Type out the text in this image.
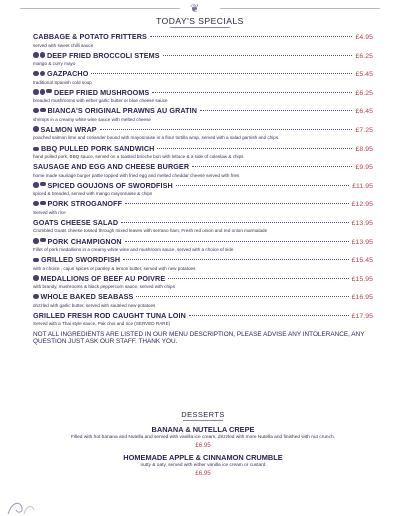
❦
TODAY'S SPECIALS
CABBAGE & POTATO FRITTERS	£4.95
served with sweet chilli sauce
DEEP FRIED BROCCOLI STEMS	£6.25
mango & curry mayo
GAZPACHO	£5.45
traditional Spanish cold soup
DEEP FRIED MUSHROOMS	£6.25
breaded mushrooms with either garlic butter or blue cheese sauce
BIANCA'S ORIGINAL PRAWNS AU GRATIN	£6.45
shrimps in a creamy white wine sauce with melted cheese
SALMON WRAP	£7.25
poached salmon lime and coriander bound with mayonnaise in a flour tortilla wrap, served with a salad garnish and chips.
BBQ PULLED PORK SANDWICH	£8.95
hand pulled pork, BBQ sauce, served on a toasted brioche bun with lettuce & a side of coleslaw & chips
SAUSAGE AND EGG AND CHEESE BURGER	£9.95
home made sausage burger pattie topped with fried egg and melted cheddar cheese served with fries
SPICED GOUJONS OF SWORDFISH	£11.95
spiced & breaded, served with mango mayonnaise & chips
PORK STROGANOFF	£12.95
Served with rice
GOATS CHEESE SALAD	£13.95
Crumbled Goats cheese tossed through mixed leaves with serrano ham, Fresh red onion and red onion marmalade
PORK CHAMPIGNON	£13.95
Fillet of pork medallions in a creamy white wine and mushroom sauce, served with a choice of side
GRILLED SWORDFISH	£15.45
with a choice , cajun spices or parsley & lemon butter, served with new potatoes
MEDALLIONS OF BEEF AU POIVRE	£15.95
with brandy, mushrooms & black peppercorn sauce, served with chips
WHOLE BAKED SEABASS	£16.95
drizzled with garlic butter, served with sautéed new potatoes
GRILLED FRESH ROD CAUGHT TUNA LOIN	£17.95
Served with a Thai style sauce, Pak choi and rice (SERVED RARE)
NOT ALL INGREDIENTS ARE LISTED IN OUR MENU DESCRIPTION, PLEASE ADVISE ANY INTOLERANCE, ANY QUESTION JUST ASK OUR STAFF. THANK YOU.
DESSERTS
BANANA & NUTELLA CREPE
Filled with hot banana and Nutella and served with vanilla ice cream, drizzled with more Nutella and finished with nut crunch.
£6.95
HOMEMADE APPLE & CINNAMON CRUMBLE
nutty & oaty, served with either vanilla ice cream or custard
£6.95
